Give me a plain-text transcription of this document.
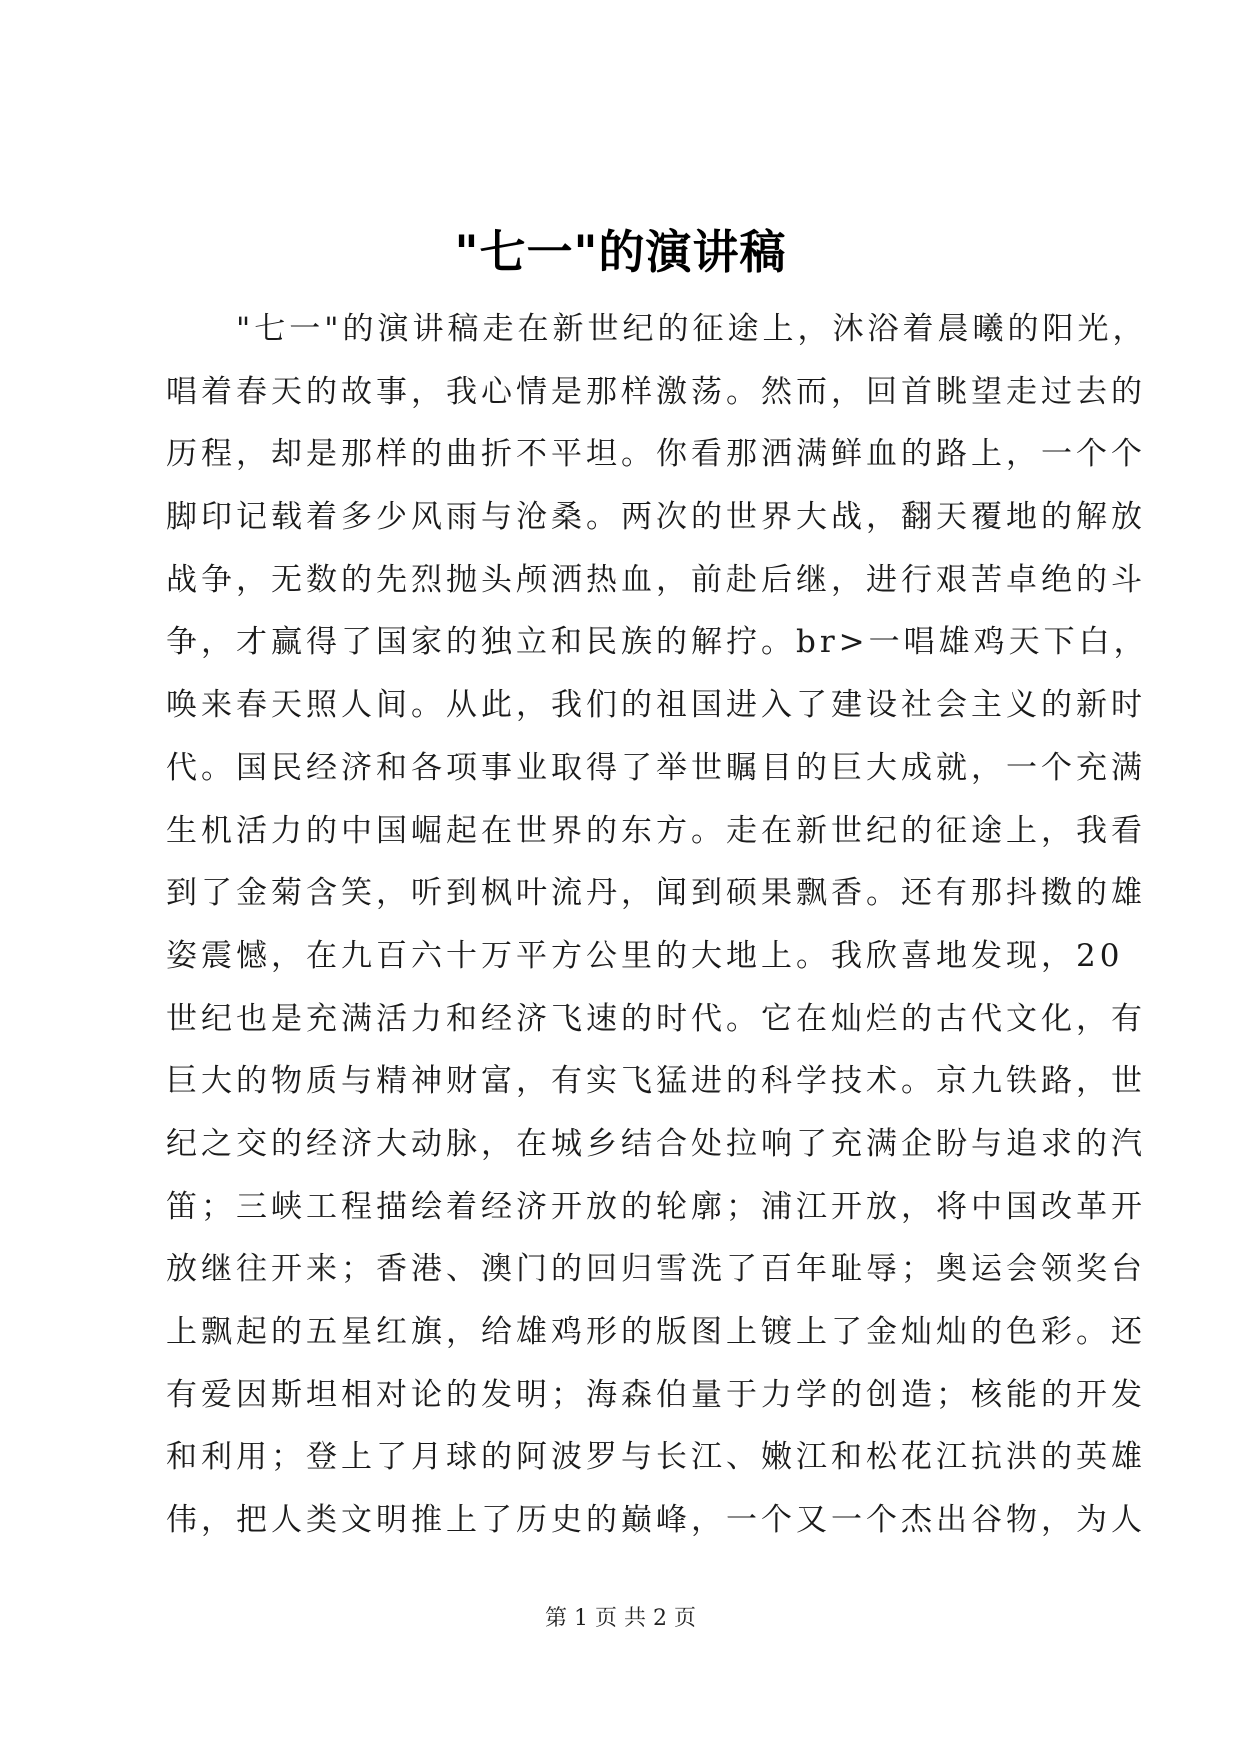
"七一"的演讲稿
"七一"的演讲稿走在新世纪的征途上，沐浴着晨曦的阳光，
唱着春天的故事，我心情是那样激荡。然而，回首眺望走过去的
历程，却是那样的曲折不平坦。你看那洒满鲜血的路上，一个个
脚印记载着多少风雨与沧桑。两次的世界大战，翻天覆地的解放
战争，无数的先烈抛头颅洒热血，前赴后继，进行艰苦卓绝的斗
争，才赢得了国家的独立和民族的解拧。br>一唱雄鸡天下白，
唤来春天照人间。从此，我们的祖国进入了建设社会主义的新时
代。国民经济和各项事业取得了举世瞩目的巨大成就，一个充满
生机活力的中国崛起在世界的东方。走在新世纪的征途上，我看
到了金菊含笑，听到枫叶流丹，闻到硕果飘香。还有那抖擞的雄
姿震憾，在九百六十万平方公里的大地上。我欣喜地发现，20
世纪也是充满活力和经济飞速的时代。它在灿烂的古代文化，有
巨大的物质与精神财富，有实飞猛进的科学技术。京九铁路，世
纪之交的经济大动脉，在城乡结合处拉响了充满企盼与追求的汽
笛；三峡工程描绘着经济开放的轮廓；浦江开放，将中国改革开
放继往开来；香港、澳门的回归雪洗了百年耻辱；奥运会领奖台
上飘起的五星红旗，给雄鸡形的版图上镀上了金灿灿的色彩。还
有爱因斯坦相对论的发明；海森伯量于力学的创造；核能的开发
和利用；登上了月球的阿波罗与长江、嫩江和松花江抗洪的英雄
伟，把人类文明推上了历史的巅峰，一个又一个杰出谷物，为人
第 1 页 共 2 页
